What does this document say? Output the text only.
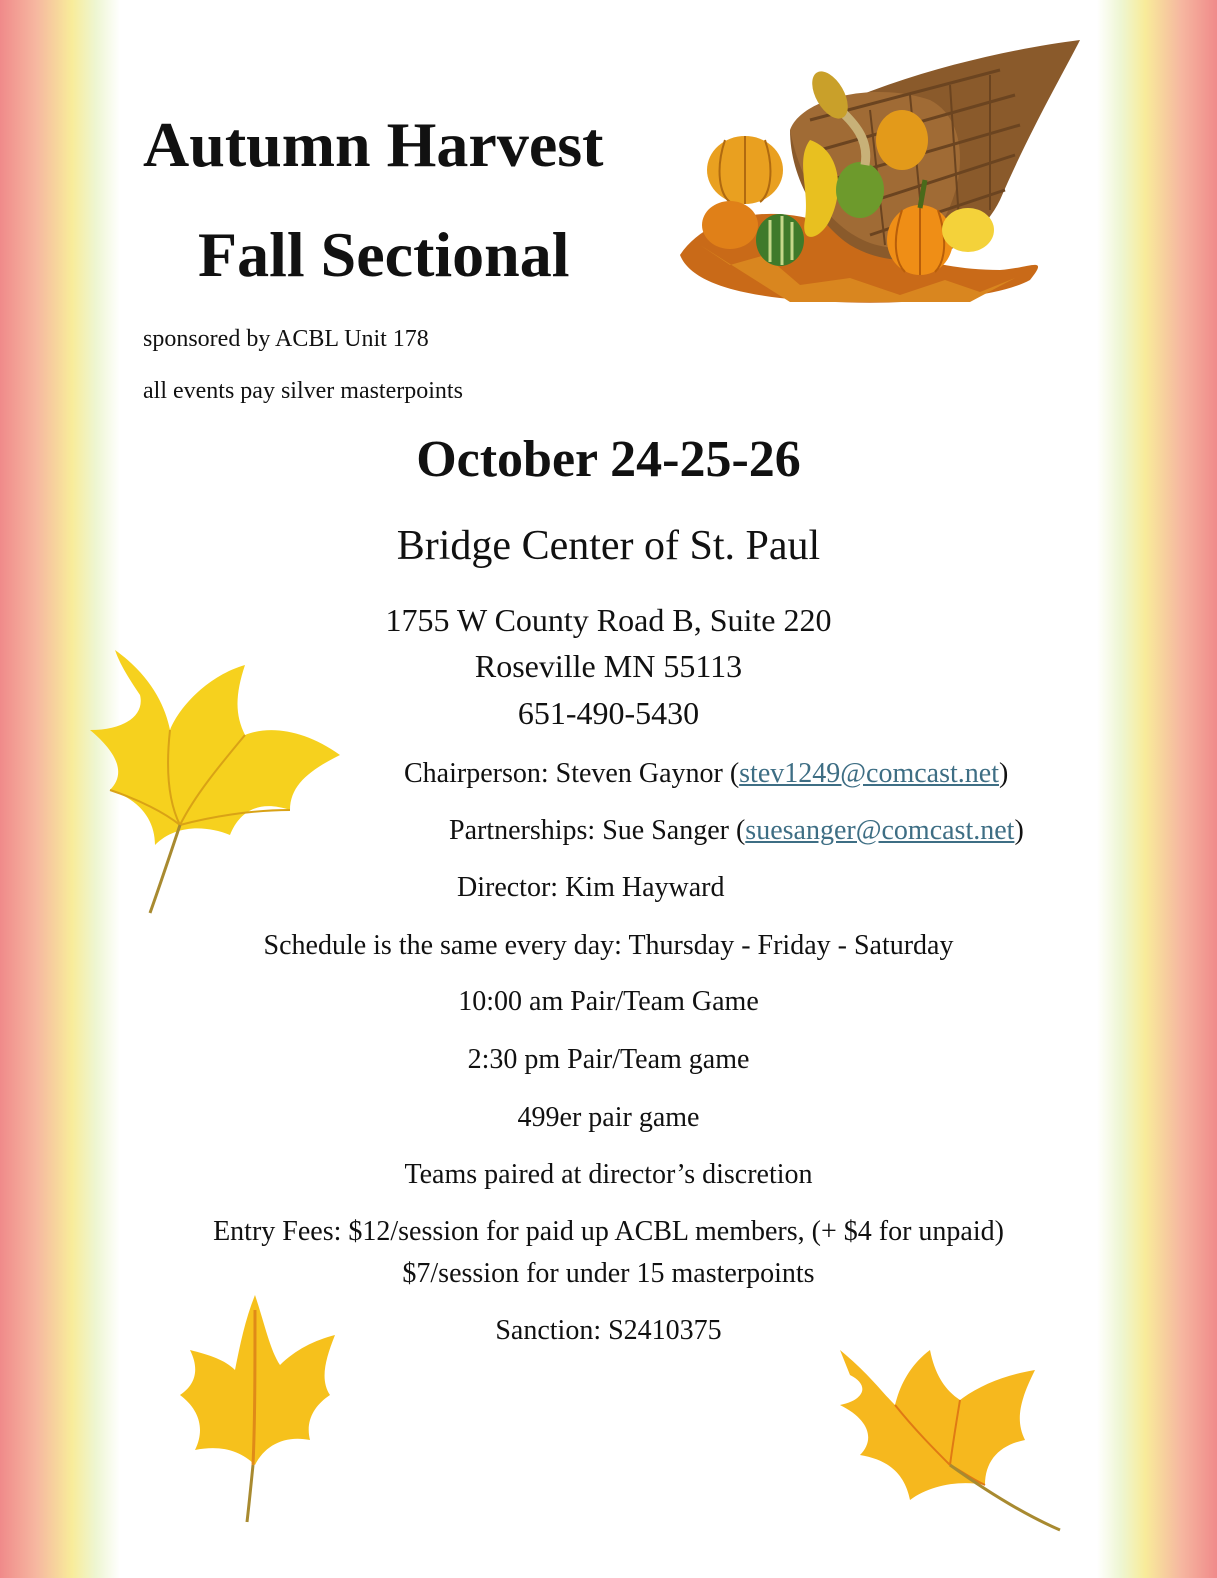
Autumn Harvest
Fall Sectional
sponsored by ACBL Unit 178
all events pay silver masterpoints
October 24-25-26
Bridge Center of St. Paul
1755 W County Road B, Suite 220
Roseville MN 55113
651-490-5430
Chairperson: Steven Gaynor (stev1249@comcast.net)
Partnerships: Sue Sanger (suesanger@comcast.net)
Director: Kim Hayward
Schedule is the same every day: Thursday - Friday - Saturday
10:00 am Pair/Team Game
2:30 pm Pair/Team game
499er pair game
Teams paired at director’s discretion
Entry Fees: $12/session for paid up ACBL members, (+ $4 for unpaid)
$7/session for under 15 masterpoints
Sanction: S2410375
